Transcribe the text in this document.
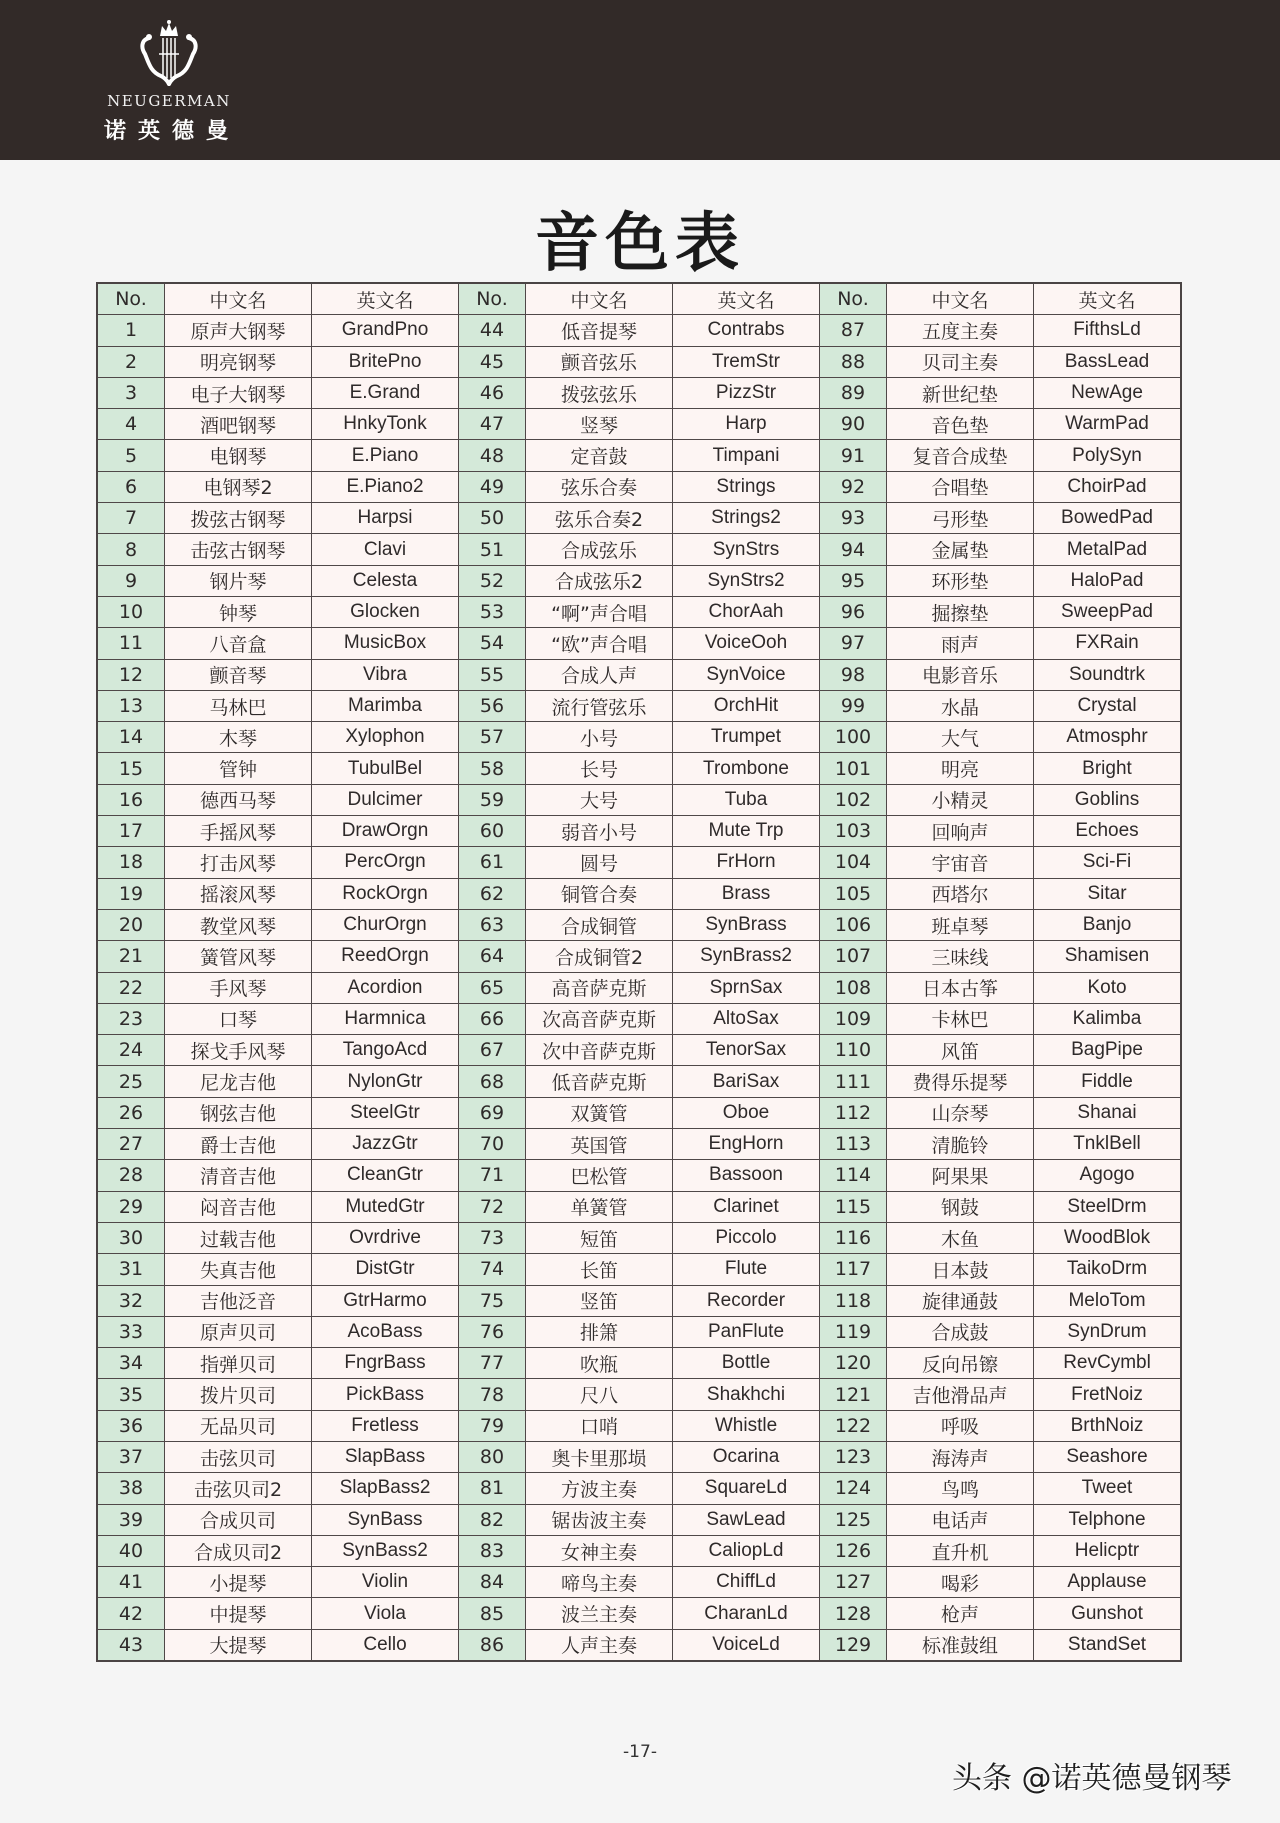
NEUGERMAN
诺英德曼
音色表
No.	中文名	英文名	No.	中文名	英文名	No.	中文名	英文名
1	原声大钢琴	GrandPno	44	低音提琴	Contrabs	87	五度主奏	FifthsLd
2	明亮钢琴	BritePno	45	颤音弦乐	TremStr	88	贝司主奏	BassLead
3	电子大钢琴	E.Grand	46	拨弦弦乐	PizzStr	89	新世纪垫	NewAge
4	酒吧钢琴	HnkyTonk	47	竖琴	Harp	90	音色垫	WarmPad
5	电钢琴	E.Piano	48	定音鼓	Timpani	91	复音合成垫	PolySyn
6	电钢琴2	E.Piano2	49	弦乐合奏	Strings	92	合唱垫	ChoirPad
7	拨弦古钢琴	Harpsi	50	弦乐合奏2	Strings2	93	弓形垫	BowedPad
8	击弦古钢琴	Clavi	51	合成弦乐	SynStrs	94	金属垫	MetalPad
9	钢片琴	Celesta	52	合成弦乐2	SynStrs2	95	环形垫	HaloPad
10	钟琴	Glocken	53	“啊”声合唱	ChorAah	96	掘擦垫	SweepPad
11	八音盒	MusicBox	54	“欧”声合唱	VoiceOoh	97	雨声	FXRain
12	颤音琴	Vibra	55	合成人声	SynVoice	98	电影音乐	Soundtrk
13	马林巴	Marimba	56	流行管弦乐	OrchHit	99	水晶	Crystal
14	木琴	Xylophon	57	小号	Trumpet	100	大气	Atmosphr
15	管钟	TubulBel	58	长号	Trombone	101	明亮	Bright
16	德西马琴	Dulcimer	59	大号	Tuba	102	小精灵	Goblins
17	手摇风琴	DrawOrgn	60	弱音小号	Mute Trp	103	回响声	Echoes
18	打击风琴	PercOrgn	61	圆号	FrHorn	104	宇宙音	Sci-Fi
19	摇滚风琴	RockOrgn	62	铜管合奏	Brass	105	西塔尔	Sitar
20	教堂风琴	ChurOrgn	63	合成铜管	SynBrass	106	班卓琴	Banjo
21	簧管风琴	ReedOrgn	64	合成铜管2	SynBrass2	107	三味线	Shamisen
22	手风琴	Acordion	65	高音萨克斯	SprnSax	108	日本古筝	Koto
23	口琴	Harmnica	66	次高音萨克斯	AltoSax	109	卡林巴	Kalimba
24	探戈手风琴	TangoAcd	67	次中音萨克斯	TenorSax	110	风笛	BagPipe
25	尼龙吉他	NylonGtr	68	低音萨克斯	BariSax	111	费得乐提琴	Fiddle
26	钢弦吉他	SteelGtr	69	双簧管	Oboe	112	山奈琴	Shanai
27	爵士吉他	JazzGtr	70	英国管	EngHorn	113	清脆铃	TnklBell
28	清音吉他	CleanGtr	71	巴松管	Bassoon	114	阿果果	Agogo
29	闷音吉他	MutedGtr	72	单簧管	Clarinet	115	钢鼓	SteelDrm
30	过载吉他	Ovrdrive	73	短笛	Piccolo	116	木鱼	WoodBlok
31	失真吉他	DistGtr	74	长笛	Flute	117	日本鼓	TaikoDrm
32	吉他泛音	GtrHarmo	75	竖笛	Recorder	118	旋律通鼓	MeloTom
33	原声贝司	AcoBass	76	排箫	PanFlute	119	合成鼓	SynDrum
34	指弹贝司	FngrBass	77	吹瓶	Bottle	120	反向吊镲	RevCymbl
35	拨片贝司	PickBass	78	尺八	Shakhchi	121	吉他滑品声	FretNoiz
36	无品贝司	Fretless	79	口哨	Whistle	122	呼吸	BrthNoiz
37	击弦贝司	SlapBass	80	奥卡里那埙	Ocarina	123	海涛声	Seashore
38	击弦贝司2	SlapBass2	81	方波主奏	SquareLd	124	鸟鸣	Tweet
39	合成贝司	SynBass	82	锯齿波主奏	SawLead	125	电话声	Telphone
40	合成贝司2	SynBass2	83	女神主奏	CaliopLd	126	直升机	Helicptr
41	小提琴	Violin	84	啼鸟主奏	ChiffLd	127	喝彩	Applause
42	中提琴	Viola	85	波兰主奏	CharanLd	128	枪声	Gunshot
43	大提琴	Cello	86	人声主奏	VoiceLd	129	标准鼓组	StandSet
-17-
头条 @诺英德曼钢琴
